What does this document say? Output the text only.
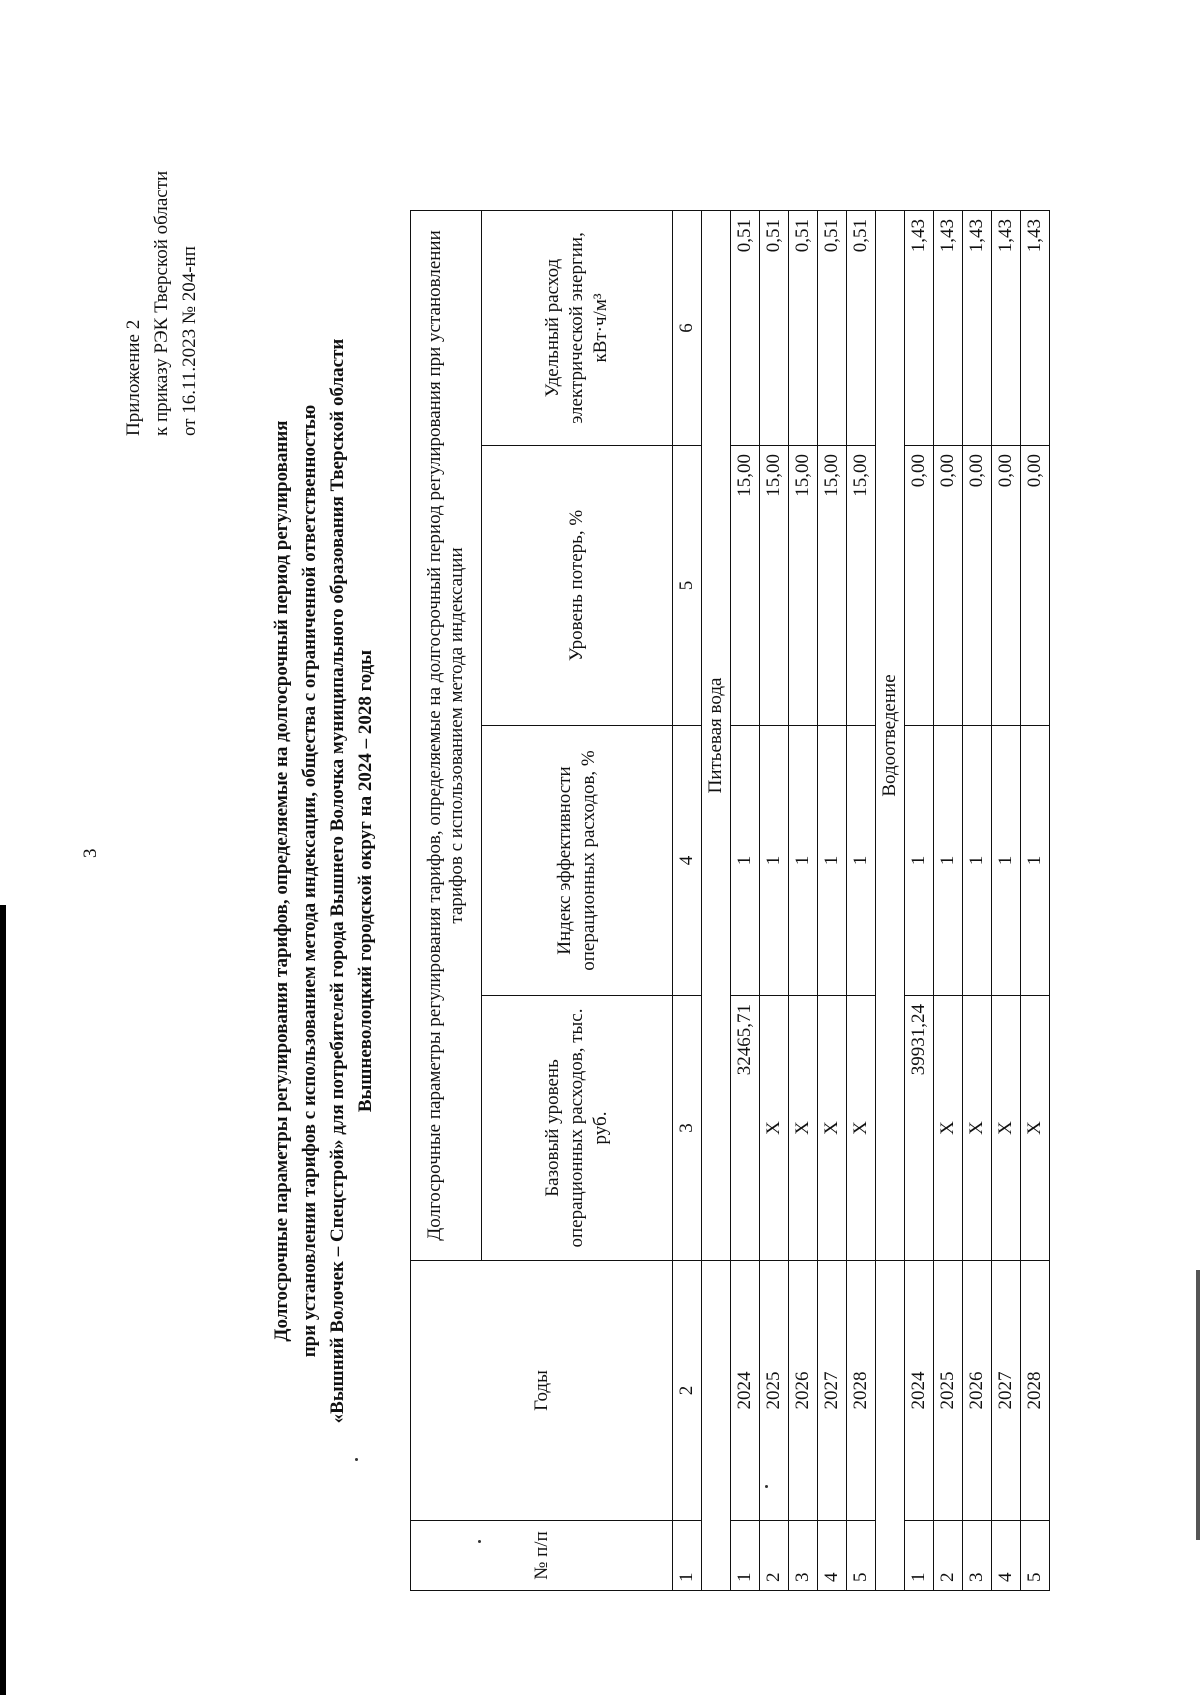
3
Приложение 2 к приказу РЭК Тверской области от 16.11.2023 № 204-нп
Долгосрочные параметры регулирования тарифов, определяемые на долгосрочный период регулирования при установлении тарифов с использованием метода индексации, общества с ограниченной ответственностью «Вышний Волочек – Спецстрой» для потребителей города Вышнего Волочка муниципального образования Тверской области Вышневолоцкий городской округ на 2024 – 2028 годы
№ п/п	Годы	Долгосрочные параметры регулирования тарифов, определяемые на долгосрочный период регулирования при установлении тарифов с использованием метода индексации			
		Базовый уровень операционных расходов, тыс. руб.	Индекс эффективности операционных расходов, %	Уровень потерь, %	Удельный расход электрической энергии, кВт·ч/м³
1	2	3	4	5	6
		Питьевая вода			
1	2024	32465,71	1	15,00	0,51
2	2025	X	1	15,00	0,51
3	2026	X	1	15,00	0,51
4	2027	X	1	15,00	0,51
5	2028	X	1	15,00	0,51
		Водоотведение			
1	2024	39931,24	1	0,00	1,43
2	2025	X	1	0,00	1,43
3	2026	X	1	0,00	1,43
4	2027	X	1	0,00	1,43
5	2028	X	1	0,00	1,43
